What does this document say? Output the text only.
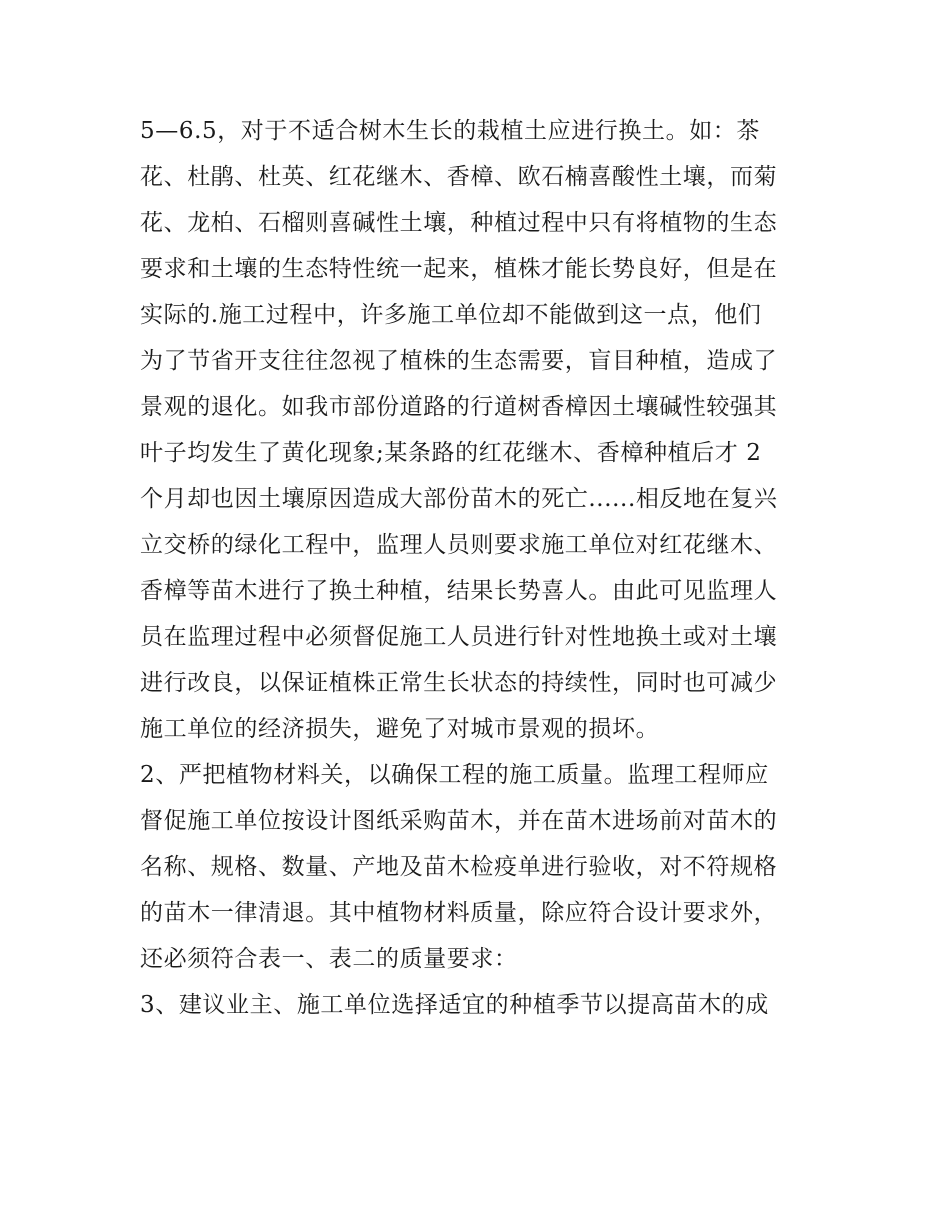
5—6.5，对于不适合树木生长的栽植土应进行换土。如：茶
花、杜鹃、杜英、红花继木、香樟、欧石楠喜酸性土壤，而菊
花、龙柏、石榴则喜碱性土壤，种植过程中只有将植物的生态
要求和土壤的生态特性统一起来，植株才能长势良好，但是在
实际的.施工过程中，许多施工单位却不能做到这一点，他们
为了节省开支往往忽视了植株的生态需要，盲目种植，造成了
景观的退化。如我市部份道路的行道树香樟因土壤碱性较强其
叶子均发生了黄化现象;某条路的红花继木、香樟种植后才 2
个月却也因土壤原因造成大部份苗木的死亡......相反地在复兴
立交桥的绿化工程中，监理人员则要求施工单位对红花继木、
香樟等苗木进行了换土种植，结果长势喜人。由此可见监理人
员在监理过程中必须督促施工人员进行针对性地换土或对土壤
进行改良，以保证植株正常生长状态的持续性，同时也可减少
施工单位的经济损失，避免了对城市景观的损坏。
2、严把植物材料关，以确保工程的施工质量。监理工程师应
督促施工单位按设计图纸采购苗木，并在苗木进场前对苗木的
名称、规格、数量、产地及苗木检疫单进行验收，对不符规格
的苗木一律清退。其中植物材料质量，除应符合设计要求外，
还必须符合表一、表二的质量要求：
3、建议业主、施工单位选择适宜的种植季节以提高苗木的成
